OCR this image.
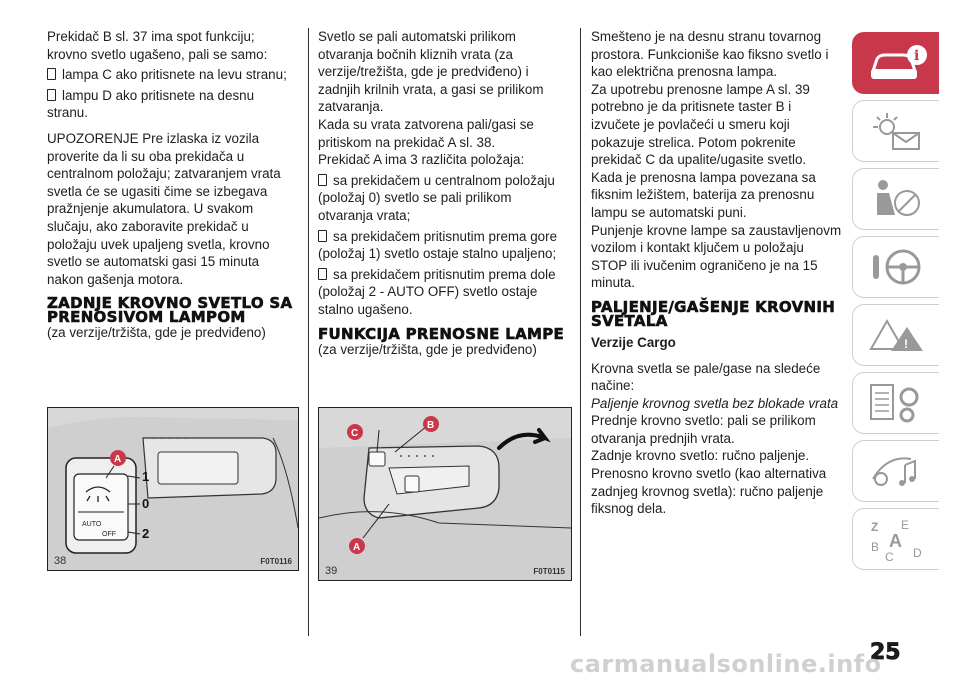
Prekidač B sl. 37 ima spot funkciju; krovno svetlo ugašeno, pali se samo:

lampa C ako pritisnete na levu stranu;

lampu D ako pritisnete na desnu stranu.

UPOZORENJE Pre izlaska iz vozila proverite da li su oba prekidača u centralnom položaju; zatvaranjem vrata svetla će se ugasiti čime se izbegava pražnjenje akumulatora. U svakom slučaju, ako zaboravite prekidač u položaju uvek upaljeng svetla, krovno svetlo se automatski gasi 15 minuta nakon gašenja motora.

ZADNJE KROVNO SVETLO SA PRENOSIVOM LAMPOM

(za verzije/tržišta, gde je predviđeno)

Svetlo se pali automatski prilikom otvaranja bočnih kliznih vrata (za verzije/trežišta, gde je predviđeno) i zadnjih krilnih vrata, a gasi se prilikom zatvaranja.

Kada su vrata zatvorena pali/gasi se pritiskom na prekidač A sl. 38.

Prekidač A ima 3 različita položaja:

sa prekidačem u centralnom položaju (položaj 0) svetlo se pali prilikom otvaranja vrata;

sa prekidačem pritisnutim prema gore (položaj 1) svetlo ostaje stalno upaljeno;

sa prekidačem pritisnutim prema dole (položaj 2 - AUTO OFF) svetlo ostaje stalno ugašeno.

FUNKCIJA PRENOSNE LAMPE

(za verzije/tržišta, gde je predviđeno)

Smešteno je na desnu stranu tovarnog prostora. Funkcioniše kao fiksno svetlo i kao električna prenosna lampa.

Za upotrebu prenosne lampe A sl. 39 potrebno je da pritisnete taster B i izvučete je povlačeći u smeru koji pokazuje strelica. Potom pokrenite prekidač C da upalite/ugasite svetlo.

Kada je prenosna lampa povezana sa fiksnim ležištem, baterija za prenosnu lampu se automatski puni.

Punjenje krovne lampe sa zaustavljenovm vozilom i kontakt ključem u položaju STOP ili ivučenim ograničeno je na 15 minuta.

PALJENJE/GAŠENJE KROVNIH SVETALA

Verzije Cargo

Krovna svetla se pale/gase na sledeće načine:

Paljenje krovnog svetla bez blokade vrata

Prednje krovno svetlo: pali se prilikom otvaranja prednjih vrata.

Zadnje krovno svetlo: ručno paljenje.

Prenosno krovno svetlo (kao alternativa zadnjeg krovnog svetla): ručno paljenje fiksnog dela.

AUTO
OFF
1
0
2
A
38	F0T0116
C
B
A
39	F0T0115
i
!
Z E
B A
C D
25
carmanualsonline.info
